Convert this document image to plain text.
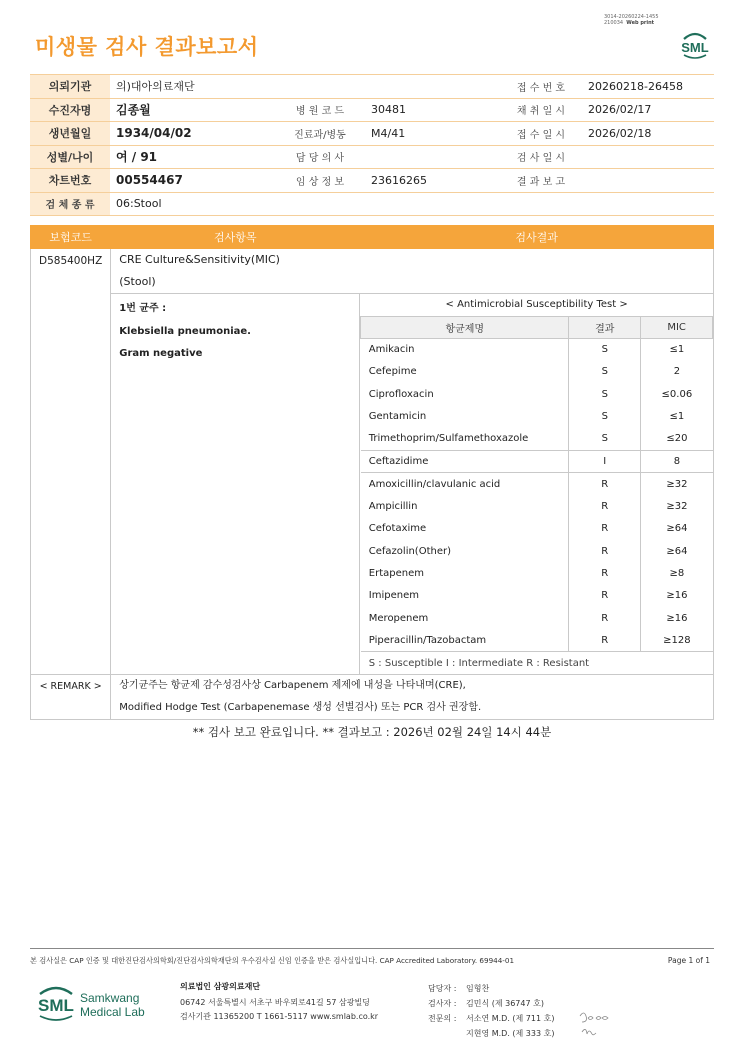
3014-20260224-1455
210034 Web print
미생물 검사 결과보고서	SML
의뢰기관	의)대아의료재단			접 수 번 호	20260218-26458
수진자명	김종월	병 원 코 드	30481	채 취 일 시	2026/02/17
생년월일	1934/04/02	진료과/병동	M4/41	접 수 일 시	2026/02/18
성별/나이	여 / 91	담 당 의 사		검 사 일 시	
차트번호	00554467	임 상 정 보	23616265	결 과 보 고	
검 체 종 류	06:Stool				
보험코드	검사항목	검사결과
D585400HZ	CRE Culture&Sensitivity(MIC)
(Stool)

1번 균주 :
Klebsiella pneumoniae.
Gram negative

< Antimicrobial Susceptibility Test >
항균제명	결과	MIC
Amikacin	S	≤1
Cefepime	S	2
Ciprofloxacin	S	≤0.06
Gentamicin	S	≤1
Trimethoprim/Sulfamethoxazole	S	≤20
Ceftazidime	I	8
Amoxicillin/clavulanic acid	R	≥32
Ampicillin	R	≥32
Cefotaxime	R	≥64
Cefazolin(Other)	R	≥64
Ertapenem	R	≥8
Imipenem	R	≥16
Meropenem	R	≥16
Piperacillin/Tazobactam	R	≥128
S : Susceptible I : Intermediate R : Resistant

< REMARK >	상기균주는 항균제 감수성검사상 Carbapenem 제제에 내성을 나타내며(CRE),
Modified Hodge Test (Carbapenemase 생성 선별검사) 또는 PCR 검사 권장함.
** 검사 보고 완료입니다. ** 결과보고 : 2026년 02월 24일 14시 44분
본 검사실은 CAP 인증 및 대한진단검사의학회/진단검사의학재단의 우수검사실 신임 인증을 받은 검사실입니다. CAP Accredited Laboratory. 69944-01	Page 1 of 1
SML Samkwang
Medical Lab
의료법인 삼광의료재단
06742 서울특별시 서초구 바우뫼로41길 57 삼광빌딩
검사기관 11365200 T 1661-5117 www.smlab.co.kr
담당자 :	임형찬
검사자 :	김민식 (제 36747 호)
전문의 :	서소연 M.D. (제 711 호)
지현영 M.D. (제 333 호)
